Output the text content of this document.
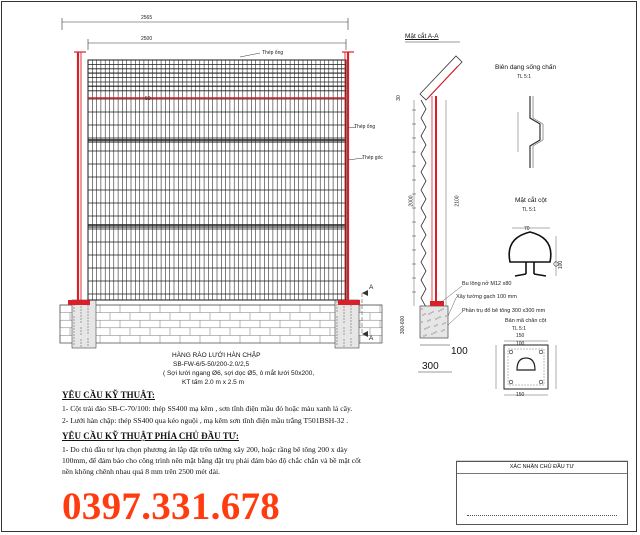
2565
2500
Thép ống
Thép ống
Thép góc
50
A
A
HÀNG RÀO LƯỚI HÀN CHẬP
SB-FW-6/5-50/200-2.0/2,5
( Sợi lưới ngang Ø6, sợi dọc Ø5, ô mắt lưới 50x200,
KT tấm 2.0 m x 2.5 m
Mặt cắt A-A
2000	2100
30
300-600
100
300
Bu lông nở M12 x80
Xây tường gạch 100 mm
Phần trụ đổ bê tông 300 x300 mm
Biên dạng sống chấn
TL 5:1
Mặt cắt cột
TL 5:1
70
100
Bản mã chân cột
TL 5:1
150
150
100
YÊU CẦU KỸ THUẬT:
1- Cột trải đảo SB-C-70/100: thép SS400 mạ kẽm , sơn tĩnh điện mầu đỏ hoặc màu xanh lá cây.
2- Lưới hàn chập: thép SS400 qua kéo nguội , mạ kẽm sơn tĩnh điện mầu trắng T501BSH-32 .
YÊU CẦU KỸ THUẬT PHÍA CHỦ ĐẦU TƯ:
1- Do chủ đầu tư lựa chọn phương án lắp đặt trên tường xây 200, hoặc rầng bê tông 200 x dày
100mm, để đảm bảo cho công trình nên mặt bằng đặt trụ phải đảm bảo độ chắc chắn và bề mặt cốt
nền không chênh nhau quá 8 mm trên 2500 mét dài.	XÁC NHẬN CHỦ ĐẦU TƯ
0397.331.678
